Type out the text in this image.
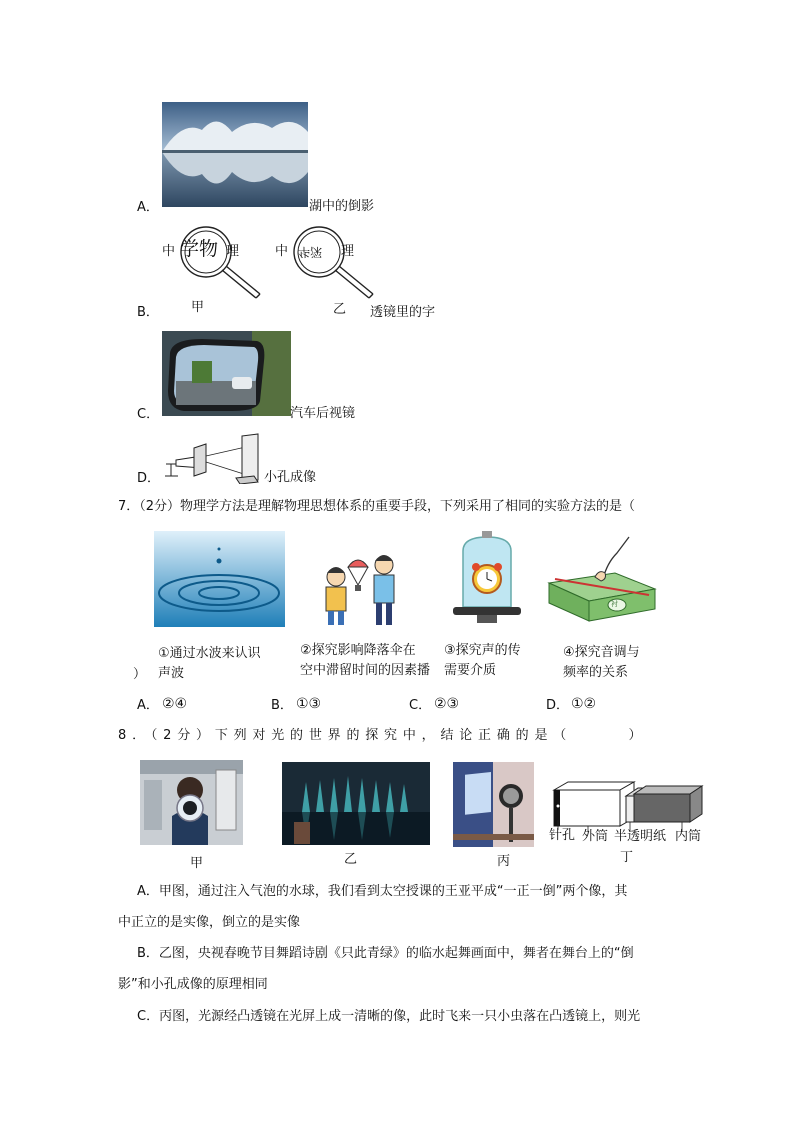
A．	湖中的倒影
中 学物 理
甲
中 华深 理
乙
B．	透镜里的字
C．	汽车后视镜
D．	小孔成像
7．（2分）物理学方法是理解物理思想体系的重要手段，下列采用了相同的实验方法的是（
衬
①通过水波来认识
声波
②探究影响降落伞在
空中滞留时间的因素播
③探究声的传
需要介质
④探究音调与
频率的关系
）
A． ②④	B． ①③	C． ②③	D． ①②
8．（2分）下列对光的世界的探究中，结论正确的是（　　　）
针孔 外筒 半透明纸 内筒
甲	乙	丙	丁
A．甲图，通过注入气泡的水球，我们看到太空授课的王亚平成“一正一倒”两个像，其
中正立的是实像，倒立的是实像
B．乙图，央视春晚节目舞蹈诗剧《只此青绿》的临水起舞画面中，舞者在舞台上的“倒
影”和小孔成像的原理相同
C．丙图，光源经凸透镜在光屏上成一清晰的像，此时飞来一只小虫落在凸透镜上，则光
